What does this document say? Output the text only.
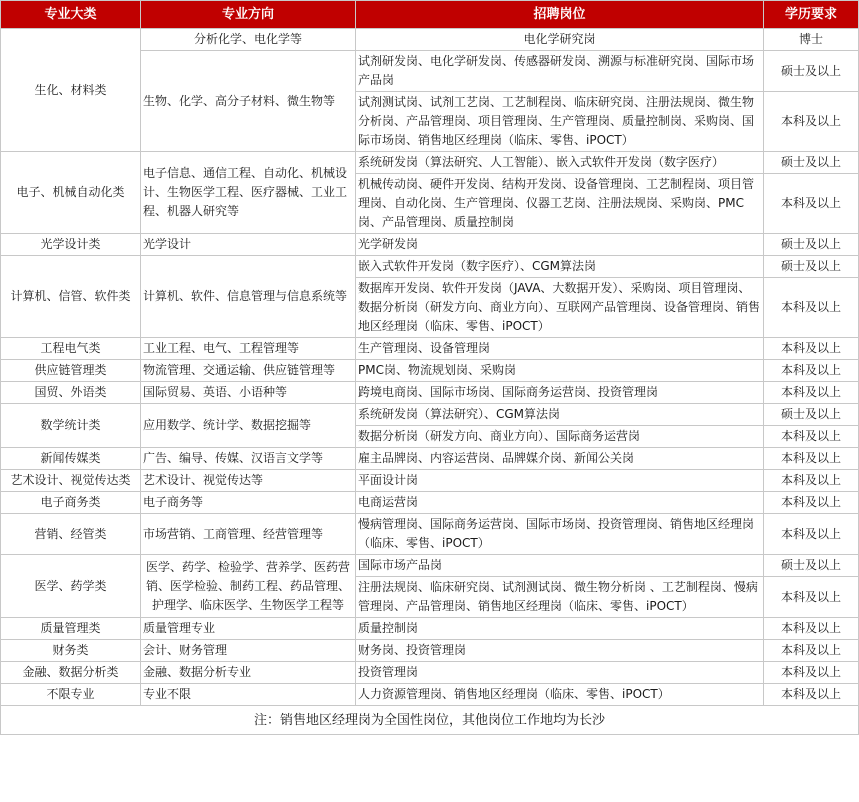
专业大类	专业方向	招聘岗位	学历要求
生化、材料类	分析化学、电化学等	电化学研究岗	博士
	生物、化学、高分子材料、微生物等	试剂研发岗、电化学研发岗、传感器研发岗、溯源与标准研究岗、国际市场产品岗	硕士及以上
		试剂测试岗、试剂工艺岗、工艺制程岗、临床研究岗、注册法规岗、微生物分析岗、产品管理岗、项目管理岗、生产管理岗、质量控制岗、采购岗、国际市场岗、销售地区经理岗（临床、零售、iPOCT）	本科及以上
电子、机械自动化类	电子信息、通信工程、自动化、机械设计、生物医学工程、医疗器械、工业工程、机器人研究等	系统研发岗（算法研究、人工智能）、嵌入式软件开发岗（数字医疗）	硕士及以上
		机械传动岗、硬件开发岗、结构开发岗、设备管理岗、工艺制程岗、项目管理岗、自动化岗、生产管理岗、仪器工艺岗、注册法规岗、采购岗、PMC岗、产品管理岗、质量控制岗	本科及以上
光学设计类	光学设计	光学研发岗	硕士及以上
计算机、信管、软件类	计算机、软件、信息管理与信息系统等	嵌入式软件开发岗（数字医疗）、CGM算法岗	硕士及以上
		数据库开发岗、软件开发岗（JAVA、大数据开发）、采购岗、项目管理岗、数据分析岗（研发方向、商业方向）、互联网产品管理岗、设备管理岗、销售地区经理岗（临床、零售、iPOCT）	本科及以上
工程电气类	工业工程、电气、工程管理等	生产管理岗、设备管理岗	本科及以上
供应链管理类	物流管理、交通运输、供应链管理等	PMC岗、物流规划岗、采购岗	本科及以上
国贸、外语类	国际贸易、英语、小语种等	跨境电商岗、国际市场岗、国际商务运营岗、投资管理岗	本科及以上
数学统计类	应用数学、统计学、数据挖掘等	系统研发岗（算法研究）、CGM算法岗	硕士及以上
		数据分析岗（研发方向、商业方向）、国际商务运营岗	本科及以上
新闻传媒类	广告、编导、传媒、汉语言文学等	雇主品牌岗、内容运营岗、品牌媒介岗、新闻公关岗	本科及以上
艺术设计、视觉传达类	艺术设计、视觉传达等	平面设计岗	本科及以上
电子商务类	电子商务等	电商运营岗	本科及以上
营销、经管类	市场营销、工商管理、经营管理等	慢病管理岗、国际商务运营岗、国际市场岗、投资管理岗、销售地区经理岗（临床、零售、iPOCT）	本科及以上
医学、药学类	医学、药学、检验学、营养学、医药营销、医学检验、制药工程、药品管理、护理学、临床医学、生物医学工程等	国际市场产品岗	硕士及以上
		注册法规岗、临床研究岗、试剂测试岗、微生物分析岗 、工艺制程岗、慢病管理岗、产品管理岗、销售地区经理岗（临床、零售、iPOCT）	本科及以上
质量管理类	质量管理专业	质量控制岗	本科及以上
财务类	会计、财务管理	财务岗、投资管理岗	本科及以上
金融、数据分析类	金融、数据分析专业	投资管理岗	本科及以上
不限专业	专业不限	人力资源管理岗、销售地区经理岗（临床、零售、iPOCT）	本科及以上
注：销售地区经理岗为全国性岗位，其他岗位工作地均为长沙			
